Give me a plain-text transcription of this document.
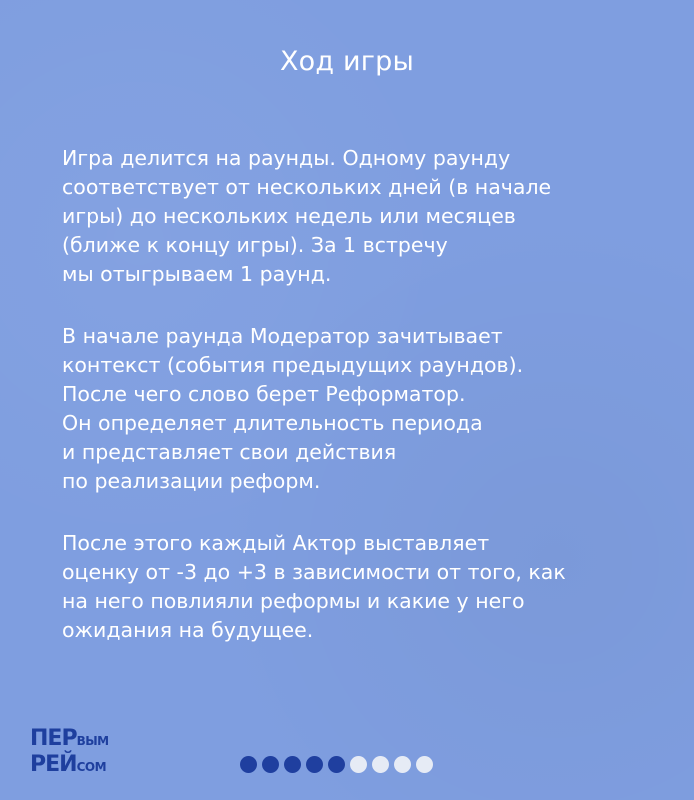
Ход игры

Игра делится на раунды. Одному раунду
соответствует от нескольких дней (в начале
игры) до нескольких недель или месяцев
(ближе к концу игры). За 1 встречу
мы отыгрываем 1 раунд.

В начале раунда Модератор зачитывает
контекст (события предыдущих раундов).
После чего слово берет Реформатор.
Он определяет длительность периода
и представляет свои действия
по реализации реформ.

После этого каждый Актор выставляет
оценку от -3 до +3 в зависимости от того, как
на него повлияли реформы и какие у него
ожидания на будущее.

ПЕРВЫМ
РЕЙСОМ
